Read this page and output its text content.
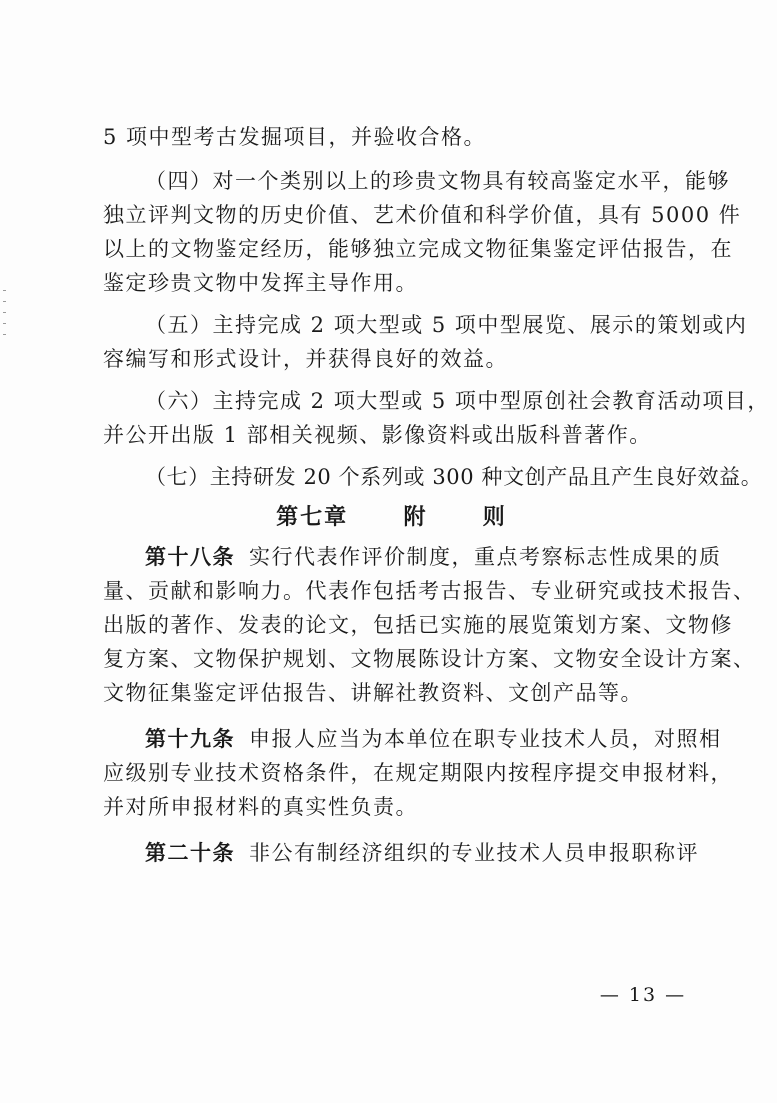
5 项中型考古发掘项目，并验收合格。
（四）对一个类别以上的珍贵文物具有较高鉴定水平，能够
独立评判文物的历史价值、艺术价值和科学价值，具有 5000 件
以上的文物鉴定经历，能够独立完成文物征集鉴定评估报告，在
鉴定珍贵文物中发挥主导作用。
（五）主持完成 2 项大型或 5 项中型展览、展示的策划或内
容编写和形式设计，并获得良好的效益。
（六）主持完成 2 项大型或 5 项中型原创社会教育活动项目，
并公开出版 1 部相关视频、影像资料或出版科普著作。
（七）主持研发 20 个系列或 300 种文创产品且产生良好效益。
第七章  附  则
第十八条 实行代表作评价制度，重点考察标志性成果的质
量、贡献和影响力。代表作包括考古报告、专业研究或技术报告、
出版的著作、发表的论文，包括已实施的展览策划方案、文物修
复方案、文物保护规划、文物展陈设计方案、文物安全设计方案、
文物征集鉴定评估报告、讲解社教资料、文创产品等。
第十九条 申报人应当为本单位在职专业技术人员，对照相
应级别专业技术资格条件，在规定期限内按程序提交申报材料，
并对所申报材料的真实性负责。
第二十条 非公有制经济组织的专业技术人员申报职称评
— 13 —
